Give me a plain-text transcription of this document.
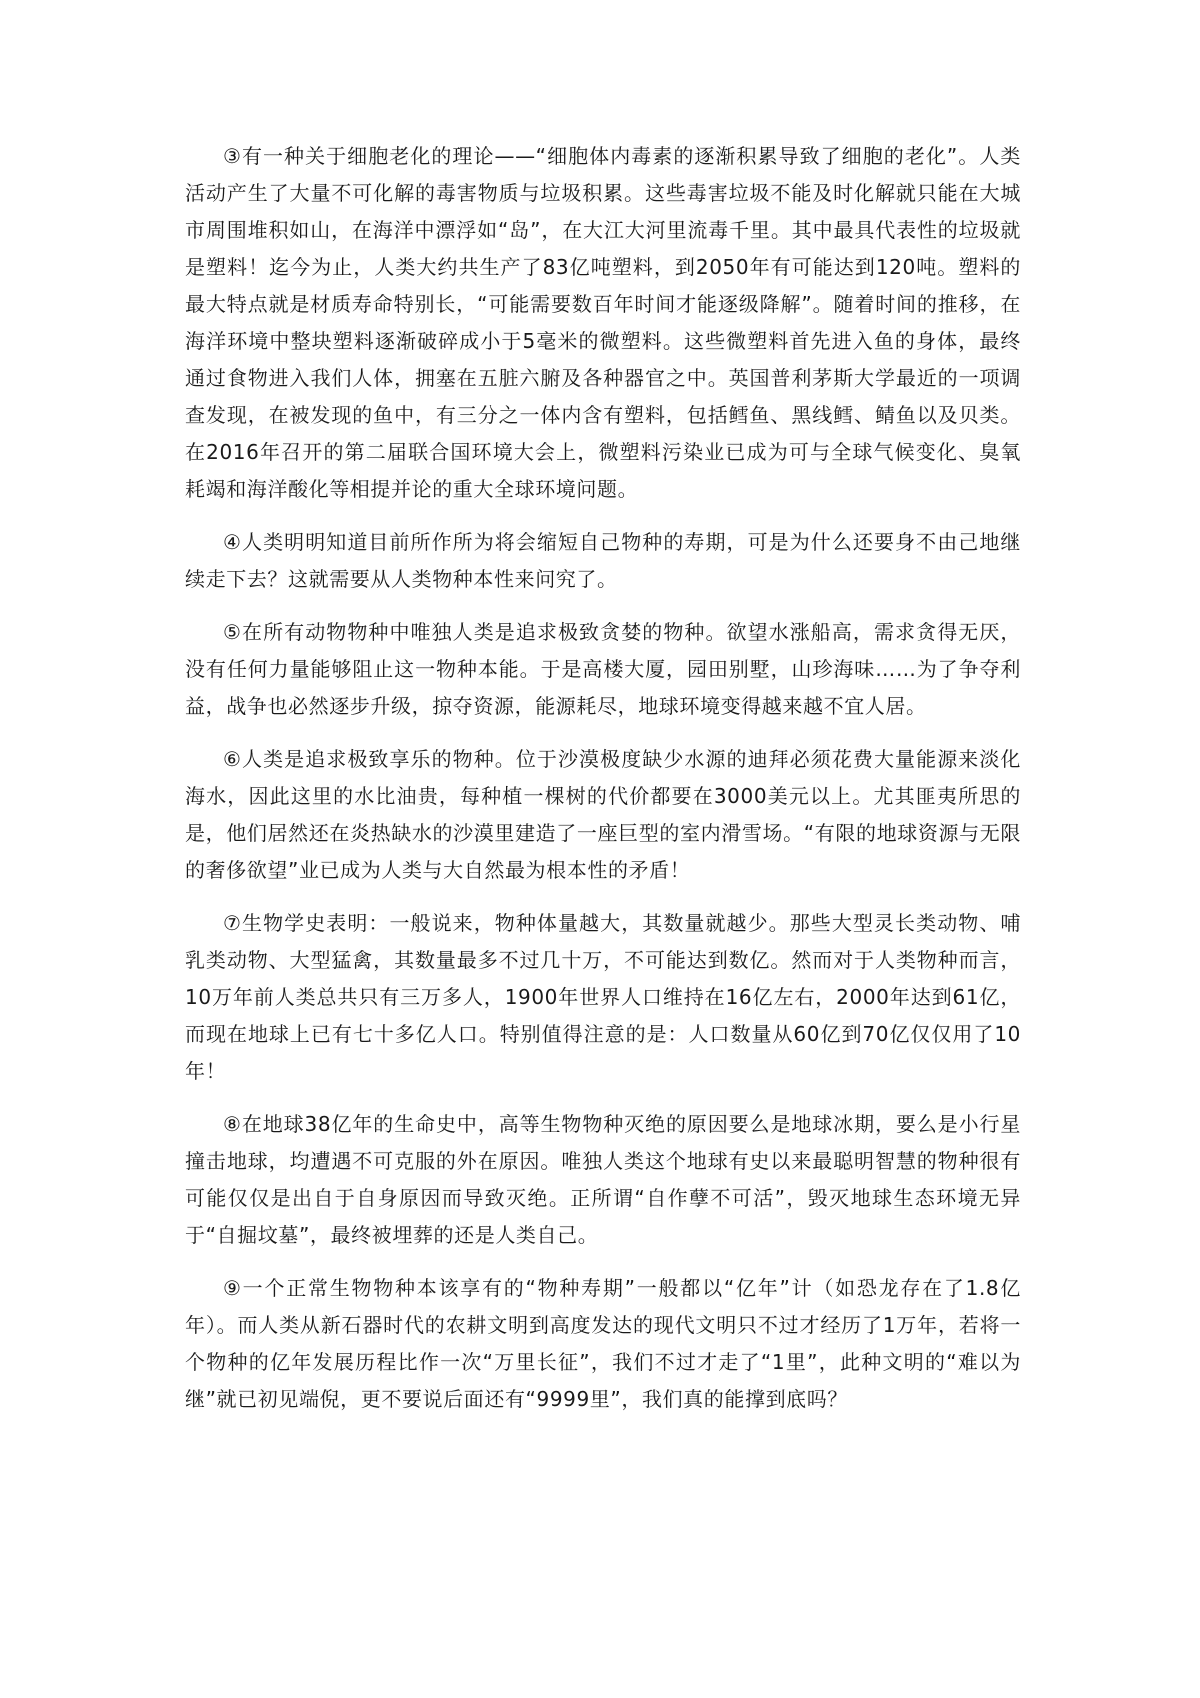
③有一种关于细胞老化的理论——“细胞体内毒素的逐渐积累导致了细胞的老化”。人类活动产生了大量不可化解的毒害物质与垃圾积累。这些毒害垃圾不能及时化解就只能在大城市周围堆积如山，在海洋中漂浮如“岛”，在大江大河里流毒千里。其中最具代表性的垃圾就是塑料！迄今为止，人类大约共生产了83亿吨塑料，到2050年有可能达到120吨。塑料的最大特点就是材质寿命特别长，“可能需要数百年时间才能逐级降解”。随着时间的推移，在海洋环境中整块塑料逐渐破碎成小于5毫米的微塑料。这些微塑料首先进入鱼的身体，最终通过食物进入我们人体，拥塞在五脏六腑及各种器官之中。英国普利茅斯大学最近的一项调查发现，在被发现的鱼中，有三分之一体内含有塑料，包括鳕鱼、黑线鳕、鲭鱼以及贝类。在2016年召开的第二届联合国环境大会上，微塑料污染业已成为可与全球气候变化、臭氧耗竭和海洋酸化等相提并论的重大全球环境问题。

④人类明明知道目前所作所为将会缩短自己物种的寿期，可是为什么还要身不由己地继续走下去？这就需要从人类物种本性来问究了。

⑤在所有动物物种中唯独人类是追求极致贪婪的物种。欲望水涨船高，需求贪得无厌，没有任何力量能够阻止这一物种本能。于是高楼大厦，园田别墅，山珍海味……为了争夺利益，战争也必然逐步升级，掠夺资源，能源耗尽，地球环境变得越来越不宜人居。

⑥人类是追求极致享乐的物种。位于沙漠极度缺少水源的迪拜必须花费大量能源来淡化海水，因此这里的水比油贵，每种植一棵树的代价都要在3000美元以上。尤其匪夷所思的是，他们居然还在炎热缺水的沙漠里建造了一座巨型的室内滑雪场。“有限的地球资源与无限的奢侈欲望”业已成为人类与大自然最为根本性的矛盾！

⑦生物学史表明：一般说来，物种体量越大，其数量就越少。那些大型灵长类动物、哺乳类动物、大型猛禽，其数量最多不过几十万，不可能达到数亿。然而对于人类物种而言，10万年前人类总共只有三万多人，1900年世界人口维持在16亿左右，2000年达到61亿，而现在地球上已有七十多亿人口。特别值得注意的是：人口数量从60亿到70亿仅仅用了10年！

⑧在地球38亿年的生命史中，高等生物物种灭绝的原因要么是地球冰期，要么是小行星撞击地球，均遭遇不可克服的外在原因。唯独人类这个地球有史以来最聪明智慧的物种很有可能仅仅是出自于自身原因而导致灭绝。正所谓“自作孽不可活”，毁灭地球生态环境无异于“自掘坟墓”，最终被埋葬的还是人类自己。

⑨一个正常生物物种本该享有的“物种寿期”一般都以“亿年”计（如恐龙存在了1.8亿年）。而人类从新石器时代的农耕文明到高度发达的现代文明只不过才经历了1万年，若将一个物种的亿年发展历程比作一次“万里长征”，我们不过才走了“1里”，此种文明的“难以为继”就已初见端倪，更不要说后面还有“9999里”，我们真的能撑到底吗？
